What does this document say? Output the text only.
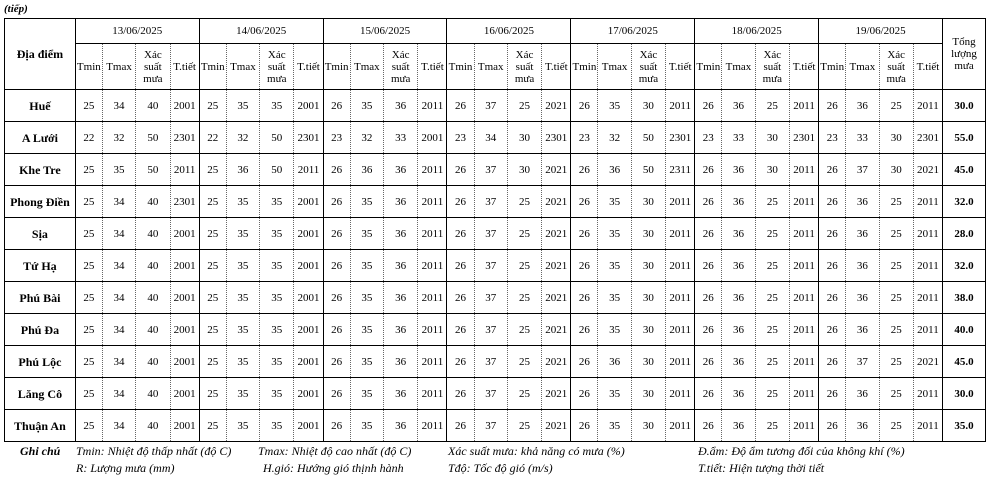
(tiếp)
Địa điểm	13/06/2025				14/06/2025				15/06/2025				16/06/2025				17/06/2025				18/06/2025				19/06/2025				Tổng lượng mưa
	Tmin	Tmax	Xác suất mưa	T.tiết	Tmin	Tmax	Xác suất mưa	T.tiết	Tmin	Tmax	Xác suất mưa	T.tiết	Tmin	Tmax	Xác suất mưa	T.tiết	Tmin	Tmax	Xác suất mưa	T.tiết	Tmin	Tmax	Xác suất mưa	T.tiết	Tmin	Tmax	Xác suất mưa	T.tiết	
Huế	25	34	40	2001	25	35	35	2001	26	35	36	2011	26	37	25	2021	26	35	30	2011	26	36	25	2011	26	36	25	2011	30.0
A Lưới	22	32	50	2301	22	32	50	2301	23	32	33	2001	23	34	30	2301	23	32	50	2301	23	33	30	2301	23	33	30	2301	55.0
Khe Tre	25	35	50	2011	25	36	50	2011	26	36	36	2011	26	37	30	2021	26	36	50	2311	26	36	30	2011	26	37	30	2021	45.0
Phong Điền	25	34	40	2301	25	35	35	2001	26	35	36	2011	26	37	25	2021	26	35	30	2011	26	36	25	2011	26	36	25	2011	32.0
Sịa	25	34	40	2001	25	35	35	2001	26	35	36	2011	26	37	25	2021	26	35	30	2011	26	36	25	2011	26	36	25	2011	28.0
Tứ Hạ	25	34	40	2001	25	35	35	2001	26	35	36	2011	26	37	25	2021	26	35	30	2011	26	36	25	2011	26	36	25	2011	32.0
Phú Bài	25	34	40	2001	25	35	35	2001	26	35	36	2011	26	37	25	2021	26	35	30	2011	26	36	25	2011	26	36	25	2011	38.0
Phú Đa	25	34	40	2001	25	35	35	2001	26	35	36	2011	26	37	25	2021	26	35	30	2011	26	36	25	2011	26	36	25	2011	40.0
Phú Lộc	25	34	40	2001	25	35	35	2001	26	35	36	2011	26	37	25	2021	26	36	30	2011	26	36	25	2011	26	37	25	2021	45.0
Lăng Cô	25	34	40	2001	25	35	35	2001	26	35	36	2011	26	37	25	2021	26	35	30	2011	26	36	25	2011	26	36	25	2011	30.0
Thuận An	25	34	40	2001	25	35	35	2001	26	35	36	2011	26	37	25	2021	26	35	30	2011	26	36	25	2011	26	36	25	2011	35.0
Ghi chú Tmin: Nhiệt độ thấp nhất (độ C) Tmax: Nhiệt độ cao nhất (độ C)	Xác suất mưa: khả năng có mưa (%)	Đ.ẩm: Độ ẩm tương đối của không khí (%)
R: Lượng mưa (mm)	H.gió: Hướng gió thịnh hành	Tđộ: Tốc độ gió (m/s)	T.tiết: Hiện tượng thời tiết
